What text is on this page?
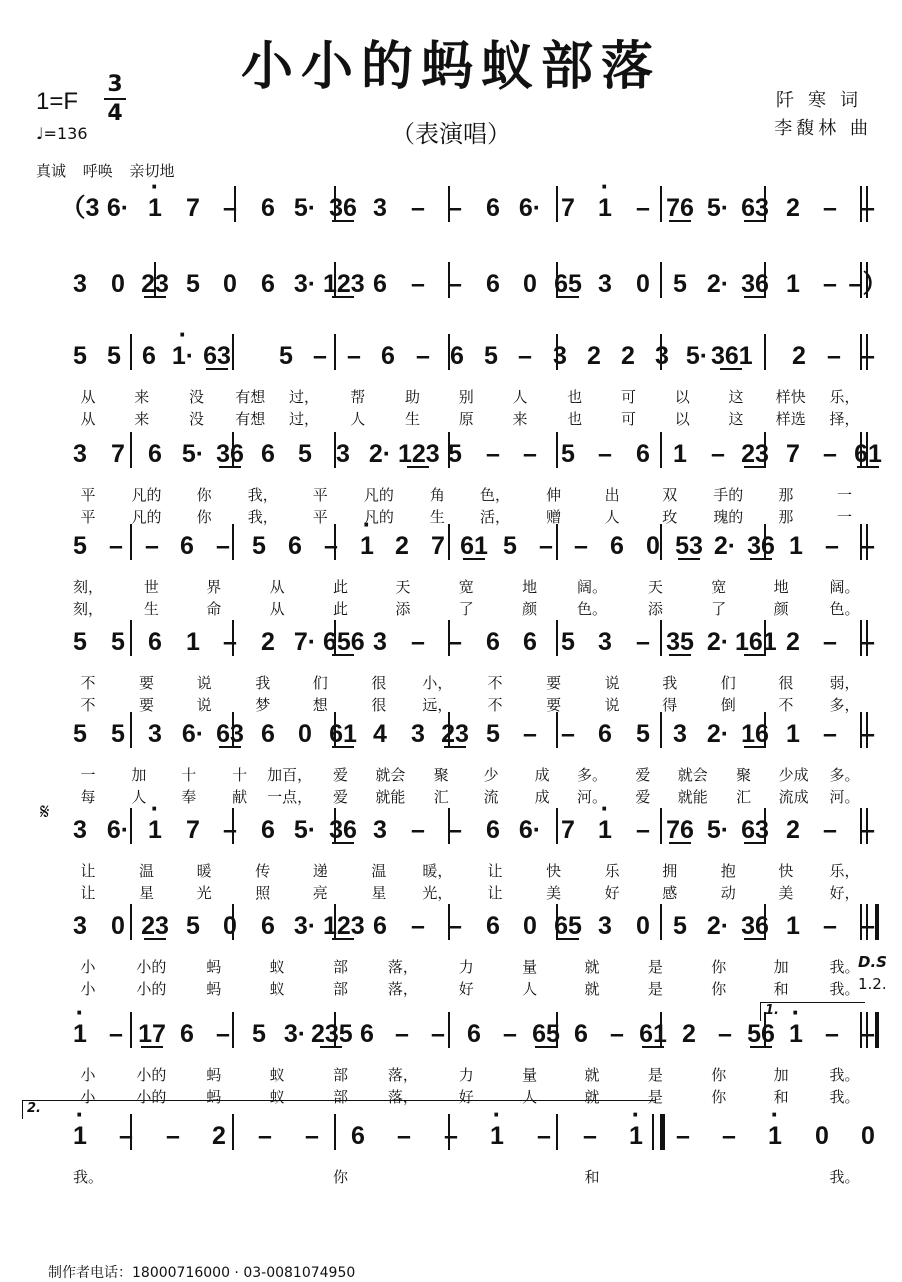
小小的蚂蚁部落
（表演唱）
1=F
3
4
♩=136
真诚 呼唤 亲切地
阡寒词
李馥林 曲
（3 6· · 1 7 – 6 5· 36 3 – – 6 6· 7 · 1 – 76 5· 63 2 – –
3 0 23 5 0 6 3· 123 6 – – 6 0 65 3 0 5 2· 36 1 – –）
5 5 6 · 1· 63	5 – – 6 – 6 5 – 3 2 2 3 5· 361	2 – –
从	来	没	有想	过，	帮	助	别	人	也	可	以	这	样快	乐，
从	来	没	有想	过，	人	生	原	来	也	可	以	这	样选	择，
3 7 6 5· 36 6 5 3 2· 123 5 – – 5 – 6 1 – 23 7 – 61
平	凡的	你	我，	平	凡的	角	色，	伸	出	双	手的	那	一
平	凡的	你	我，	平	凡的	生	活，	赠	人	玫	瑰的	那	一
5 – – 6 – 5 6 – · 1 2 7 61 5 – – 6 0 53 2· 36 1 – –
刻，	世	界	从	此	天	宽	地	阔。	天	宽	地	阔。
刻，	生	命	从	此	添	了	颜	色。	添	了	颜	色。
5 5 6 1 – 2 7· 656 3 – – 6 6 5 3 – 35 2· 161 2 – –
不	要	说	我	们	很	小，	不	要	说	我	们	很	弱，
不	要	说	梦	想	很	远，	不	要	说	得	倒	不	多，
5 5 3 6· 63 6 0 61 4 3 23 5 – – 6 5 3 2· 16 1 – –
一	加	十	十	加百，	爱	就会	聚	少	成	多。	爱	就会	聚	少成	多。
每	人	奉	献	一点，	爱	就能	汇	流	成	河。	爱	就能	汇	流成	河。
3 6· · 1 7 – 6 5· 36 3 – – 6 6· 7 · 1 – 76 5· 63 2 – –
让	温	暖	传	递	温	暖，	让	快	乐	拥	抱	快	乐，
让	星	光	照	亮	星	光，	让	美	好	感	动	美	好，
3 0 23 5 0 6 3· 123 6 – – 6 0 65 3 0 5 2· 36 1 – –
小	小的	蚂	蚁	部	落，	力	量	就	是	你	加	我。
小	小的	蚂	蚁	部	落，	好	人	就	是	你	和	我。
· 1 – 17 6 – 5 3· 235 6 – – 6 – 65 6 – 61 2 – 56 · 1 – –
小	小的	蚂	蚁	部	落，	力	量	就	是	你	加	我。
小	小的	蚂	蚁	部	落，	好	人	就	是	你	和	我。
· 1	–	–	2	–	–	6	–	–	· 1	–	–	· 1	–	–	· 1	0	0
我。	你	和	我。
D.S
1.2.
𝄋
1.
2.
制作者电话：18000716000 · 03-0081074950
